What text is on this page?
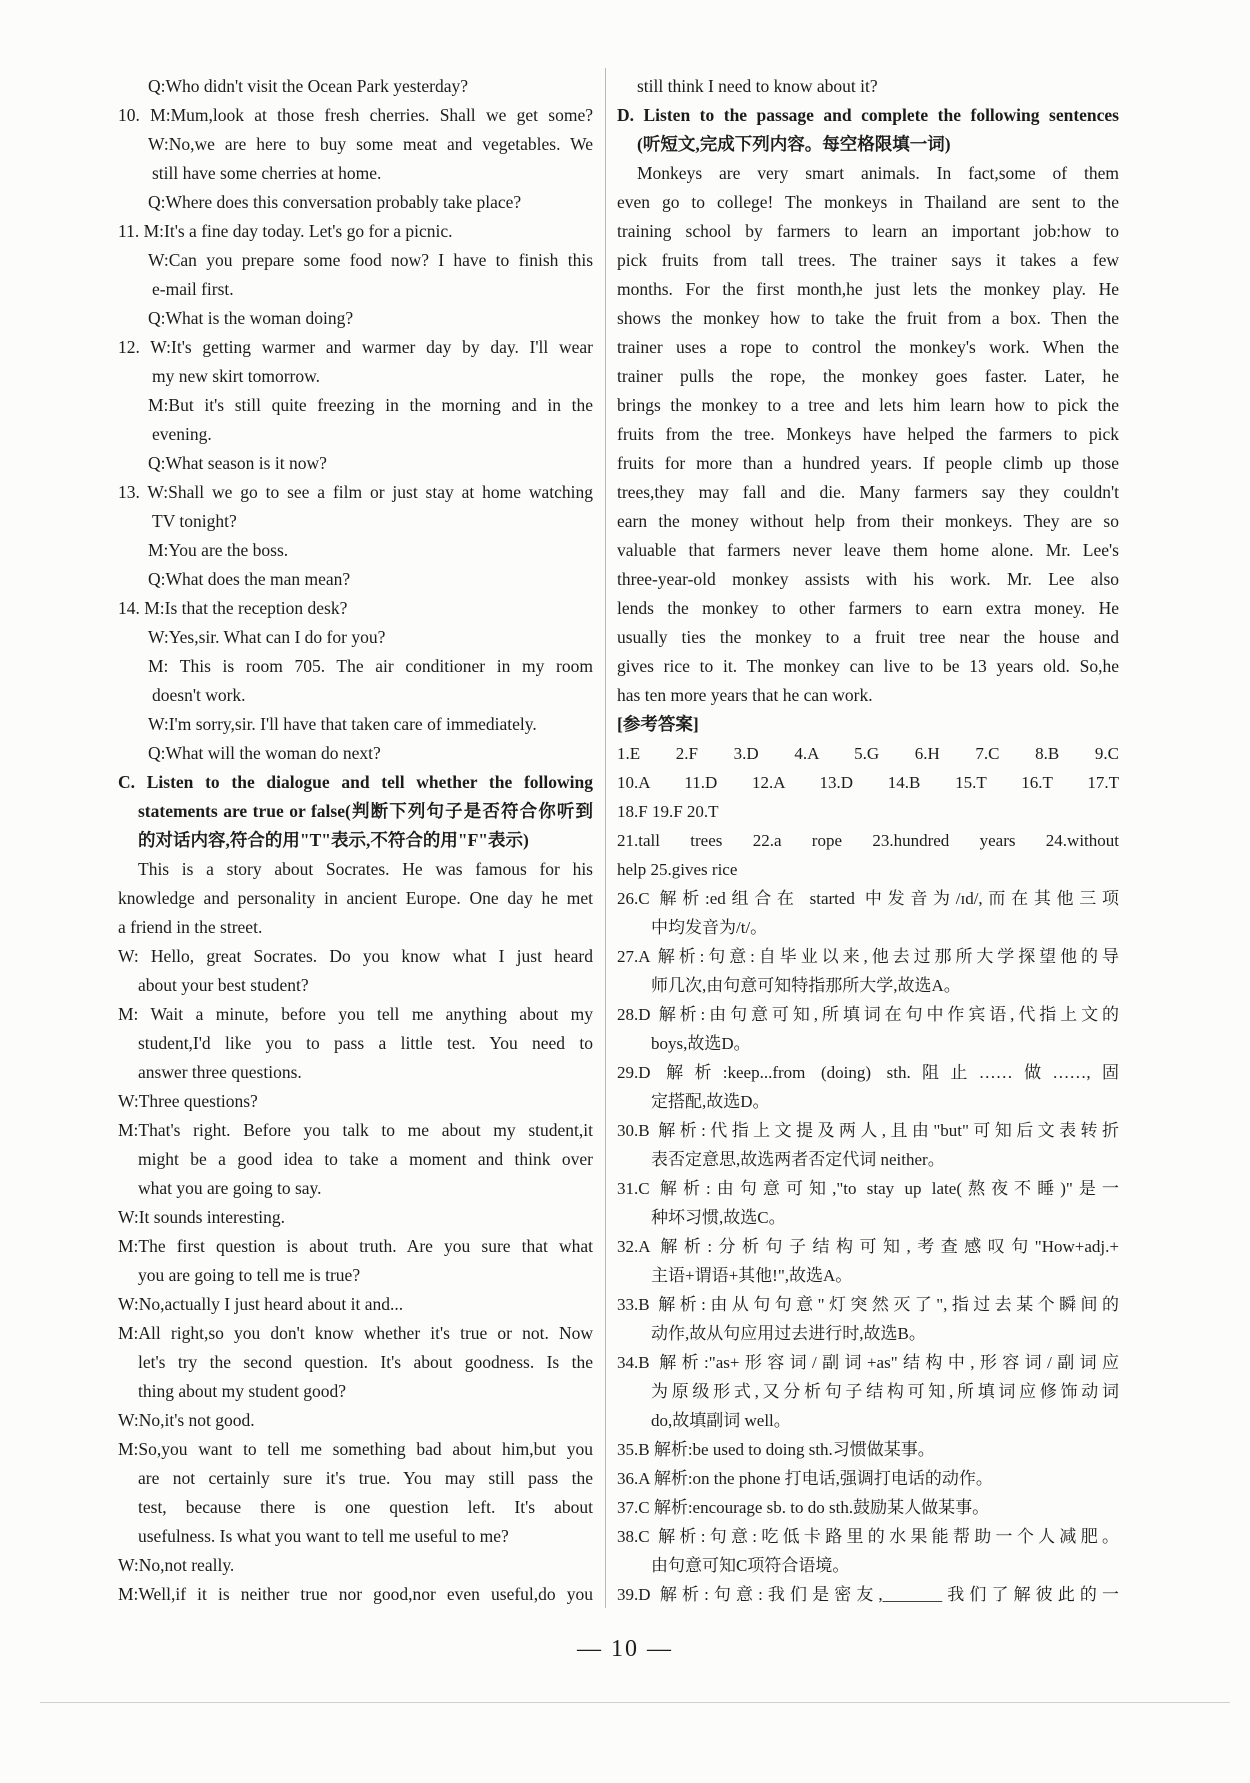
Q:Who didn't visit the Ocean Park yesterday?
10. M:Mum,look at those fresh cherries. Shall we get some?
W:No,we are here to buy some meat and vegetables. We
still have some cherries at home.
Q:Where does this conversation probably take place?
11. M:It's a fine day today. Let's go for a picnic.
W:Can you prepare some food now? I have to finish this
e-mail first.
Q:What is the woman doing?
12. W:It's getting warmer and warmer day by day. I'll wear
my new skirt tomorrow.
M:But it's still quite freezing in the morning and in the
evening.
Q:What season is it now?
13. W:Shall we go to see a film or just stay at home watching
TV tonight?
M:You are the boss.
Q:What does the man mean?
14. M:Is that the reception desk?
W:Yes,sir. What can I do for you?
M: This is room 705. The air conditioner in my room
doesn't work.
W:I'm sorry,sir. I'll have that taken care of immediately.
Q:What will the woman do next?
C. Listen to the dialogue and tell whether the following
statements are true or false(判断下列句子是否符合你听到
的对话内容,符合的用"T"表示,不符合的用"F"表示)
This is a story about Socrates. He was famous for his
knowledge and personality in ancient Europe. One day he met
a friend in the street.
W: Hello, great Socrates. Do you know what I just heard
about your best student?
M: Wait a minute, before you tell me anything about my
student,I'd like you to pass a little test. You need to
answer three questions.
W:Three questions?
M:That's right. Before you talk to me about my student,it
might be a good idea to take a moment and think over
what you are going to say.
W:It sounds interesting.
M:The first question is about truth. Are you sure that what
you are going to tell me is true?
W:No,actually I just heard about it and...
M:All right,so you don't know whether it's true or not. Now
let's try the second question. It's about goodness. Is the
thing about my student good?
W:No,it's not good.
M:So,you want to tell me something bad about him,but you
are not certainly sure it's true. You may still pass the
test, because there is one question left. It's about
usefulness. Is what you want to tell me useful to me?
W:No,not really.
M:Well,if it is neither true nor good,nor even useful,do you
still think I need to know about it?
D. Listen to the passage and complete the following sentences
(听短文,完成下列内容。每空格限填一词)
Monkeys are very smart animals. In fact,some of them
even go to college! The monkeys in Thailand are sent to the
training school by farmers to learn an important job:how to
pick fruits from tall trees. The trainer says it takes a few
months. For the first month,he just lets the monkey play. He
shows the monkey how to take the fruit from a box. Then the
trainer uses a rope to control the monkey's work. When the
trainer pulls the rope, the monkey goes faster. Later, he
brings the monkey to a tree and lets him learn how to pick the
fruits from the tree. Monkeys have helped the farmers to pick
fruits for more than a hundred years. If people climb up those
trees,they may fall and die. Many farmers say they couldn't
earn the money without help from their monkeys. They are so
valuable that farmers never leave them home alone. Mr. Lee's
three-year-old monkey assists with his work. Mr. Lee also
lends the monkey to other farmers to earn extra money. He
usually ties the monkey to a fruit tree near the house and
gives rice to it. The monkey can live to be 13 years old. So,he
has ten more years that he can work.
[参考答案]
1.E 2.F 3.D 4.A 5.G 6.H 7.C 8.B 9.C
10.A 11.D 12.A 13.D 14.B 15.T 16.T 17.T
18.F 19.F 20.T
21.tall trees 22.a rope 23.hundred years 24.without
help 25.gives rice
26.C 解析:ed组合在 started 中发音为/ɪd/,而在其他三项
中均发音为/t/。
27.A 解析:句意:自毕业以来,他去过那所大学探望他的导
师几次,由句意可知特指那所大学,故选A。
28.D 解析:由句意可知,所填词在句中作宾语,代指上文的
boys,故选D。
29.D 解析:keep...from (doing) sth.阻止……做……,固
定搭配,故选D。
30.B 解析:代指上文提及两人,且由"but"可知后文表转折
表否定意思,故选两者否定代词 neither。
31.C 解析:由句意可知,"to stay up late(熬夜不睡)"是一
种坏习惯,故选C。
32.A 解析:分析句子结构可知,考查感叹句"How+adj.+
主语+谓语+其他!",故选A。
33.B 解析:由从句句意"灯突然灭了",指过去某个瞬间的
动作,故从句应用过去进行时,故选B。
34.B 解析:"as+形容词/副词+as"结构中,形容词/副词应
为原级形式,又分析句子结构可知,所填词应修饰动词
do,故填副词 well。
35.B 解析:be used to doing sth.习惯做某事。
36.A 解析:on the phone 打电话,强调打电话的动作。
37.C 解析:encourage sb. to do sth.鼓励某人做某事。
38.C 解析:句意:吃低卡路里的水果能帮助一个人减肥。
由句意可知C项符合语境。
39.D 解析:句意:我们是密友,_______我们了解彼此的一
— 10 —
